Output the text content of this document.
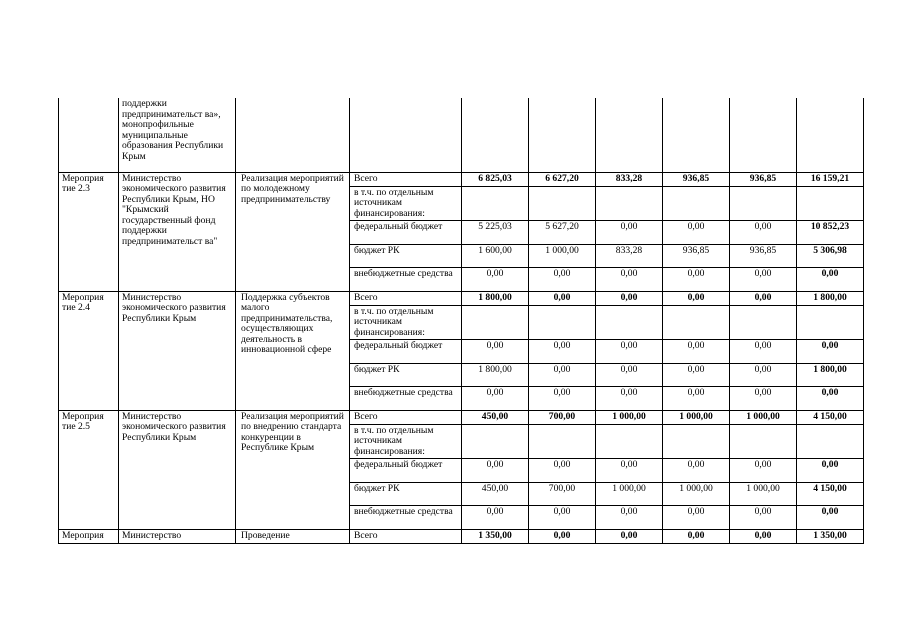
	поддержки предпринимательст ва», монопрофильные муниципальные образования Республики Крым								
Мероприя тие 2.3	Министерство экономического развития Республики Крым, НО "Крымский государственный фонд поддержки предпринимательст ва"	Реализация мероприятий по молодежному предпринимательству	Всего	6 825,03	6 627,20	833,28	936,85	936,85	16 159,21
			в т.ч. по отдельным источникам финансирования:						
			федеральный бюджет	5 225,03	5 627,20	0,00	0,00	0,00	10 852,23
			бюджет РК	1 600,00	1 000,00	833,28	936,85	936,85	5 306,98
			внебюджетные средства	0,00	0,00	0,00	0,00	0,00	0,00
Мероприя тие 2.4	Министерство экономического развития Республики Крым	Поддержка субъектов малого предпринимательства, осуществляющих деятельность в инновационной сфере	Всего	1 800,00	0,00	0,00	0,00	0,00	1 800,00
			в т.ч. по отдельным источникам финансирования:						
			федеральный бюджет	0,00	0,00	0,00	0,00	0,00	0,00
			бюджет РК	1 800,00	0,00	0,00	0,00	0,00	1 800,00
			внебюджетные средства	0,00	0,00	0,00	0,00	0,00	0,00
Мероприя тие 2.5	Министерство экономического развития Республики Крым	Реализация мероприятий по внедрению стандарта конкуренции в Республике Крым	Всего	450,00	700,00	1 000,00	1 000,00	1 000,00	4 150,00
			в т.ч. по отдельным источникам финансирования:						
			федеральный бюджет	0,00	0,00	0,00	0,00	0,00	0,00
			бюджет РК	450,00	700,00	1 000,00	1 000,00	1 000,00	4 150,00
			внебюджетные средства	0,00	0,00	0,00	0,00	0,00	0,00
Мероприя	Министерство	Проведение	Всего	1 350,00	0,00	0,00	0,00	0,00	1 350,00
